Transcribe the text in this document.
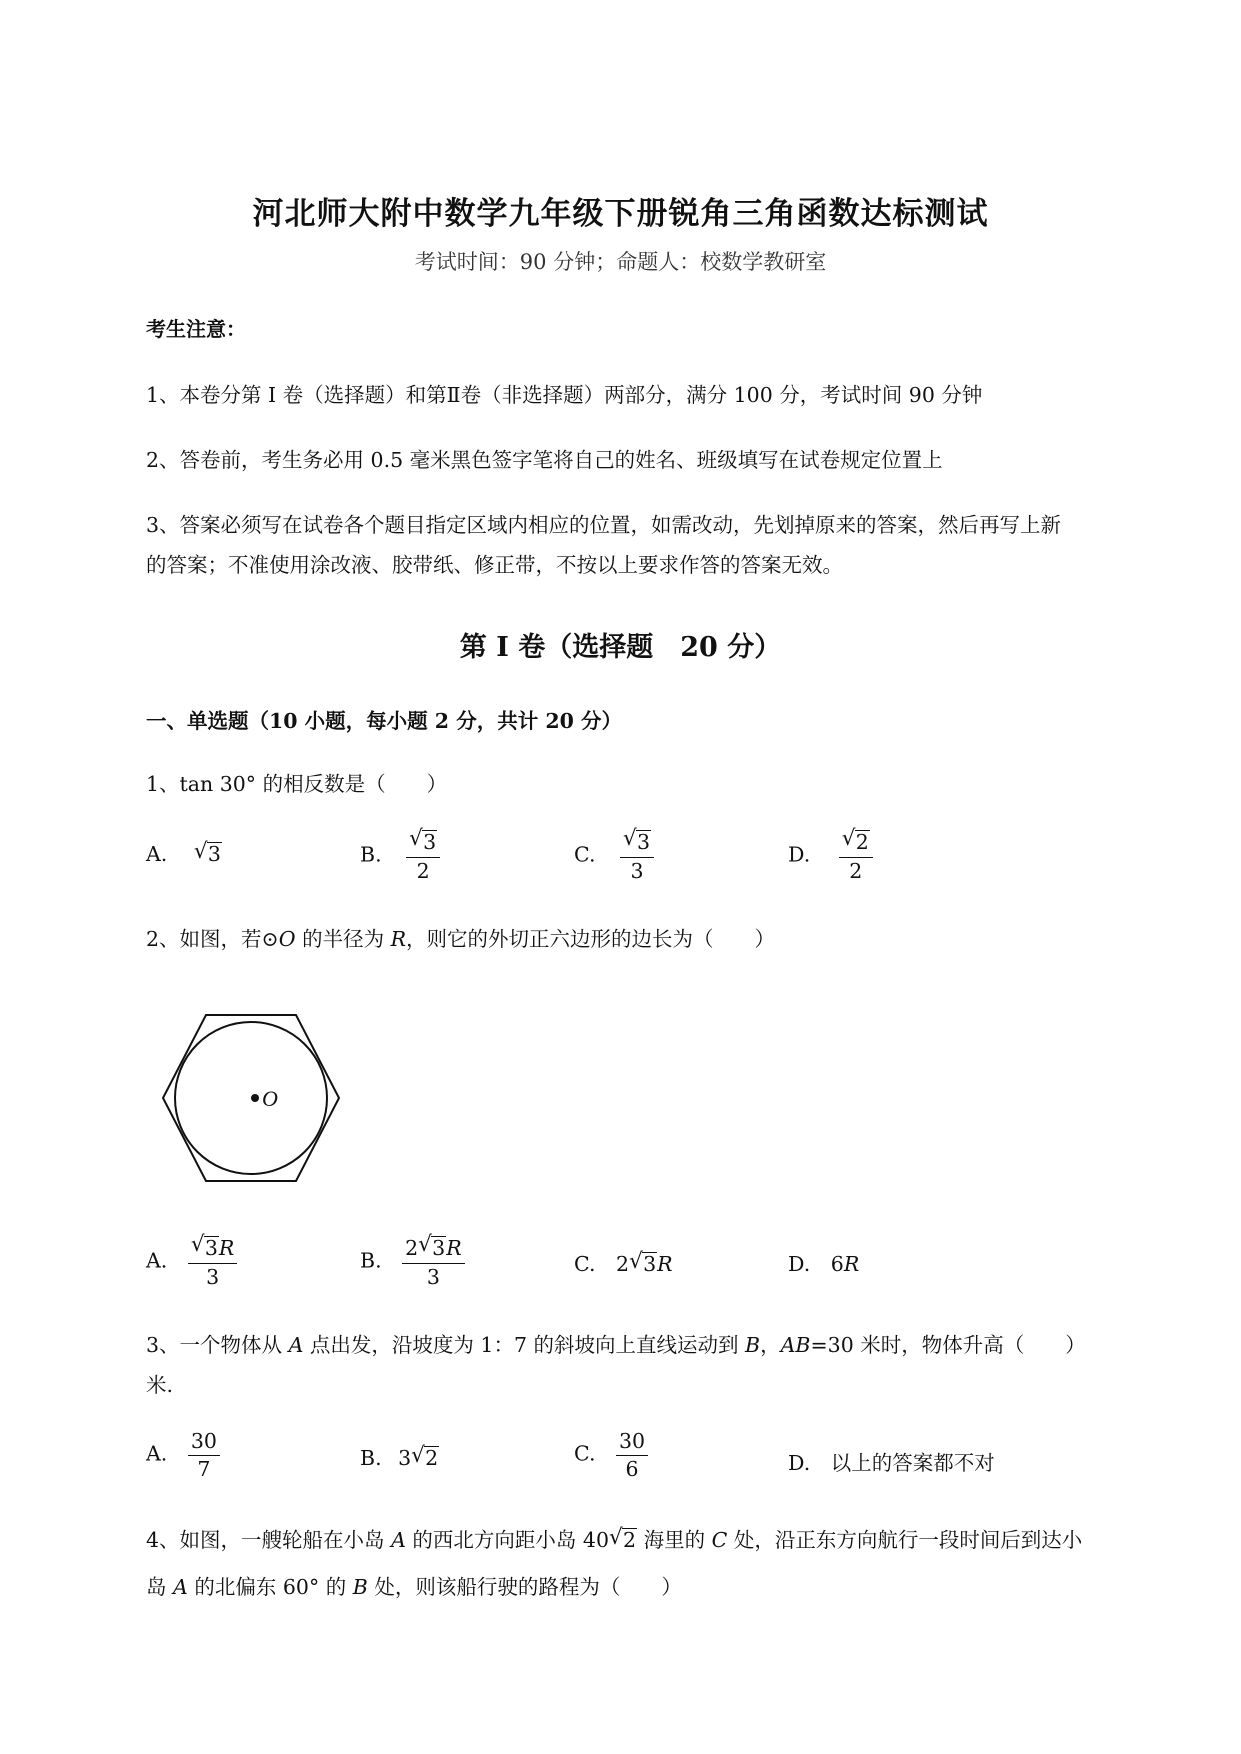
河北师大附中数学九年级下册锐角三角函数达标测试
考试时间：90 分钟；命题人：校数学教研室
考生注意：
1、本卷分第 I 卷（选择题）和第Ⅱ卷（非选择题）两部分，满分 100 分，考试时间 90 分钟
2、答卷前，考生务必用 0.5 毫米黑色签字笔将自己的姓名、班级填写在试卷规定位置上
3、答案必须写在试卷各个题目指定区域内相应的位置，如需改动，先划掉原来的答案，然后再写上新
的答案；不准使用涂改液、胶带纸、修正带，不按以上要求作答的答案无效。
第 I 卷（选择题　20 分）
一、单选题（10 小题，每小题 2 分，共计 20 分）
1、tan 30° 的相反数是（　　）
A. √ 3	B. $\frac{√ 3}{2}$	C. $\frac{√ 3}{3}$	D. $\frac{√ 2}{2}$
2、如图，若⊙O 的半径为 R，则它的外切正六边形的边长为（　　）
O
A. $\frac{√ 3R}{3}$	B. $\frac{2 √ 3R}{3}$	C. 2 √ 3R	D. 6R
3、一个物体从 A 点出发，沿坡度为 1：7 的斜坡向上直线运动到 B，AB=30 米时，物体升高（　　）
米.
A. $\frac{30}{7}$	B. 3 √ 2	C. $\frac{30}{6}$	D. 以上的答案都不对
4、如图，一艘轮船在小岛 A 的西北方向距小岛 40 √ 2 海里的 C 处，沿正东方向航行一段时间后到达小
岛 A 的北偏东 60° 的 B 处，则该船行驶的路程为（　　）
